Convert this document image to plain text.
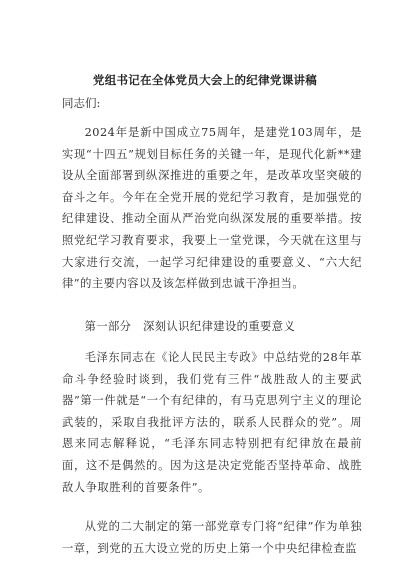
党组书记在全体党员大会上的纪律党课讲稿
同志们:
2024年是新中国成立75周年，是建党103周年，是实现“十四五”规划目标任务的关键一年，是现代化新**建设从全面部署到纵深推进的重要之年，是改革攻坚突破的奋斗之年。今年在全党开展的党纪学习教育，是加强党的纪律建设、推动全面从严治党向纵深发展的重要举措。按照党纪学习教育要求，我要上一堂党课，今天就在这里与大家进行交流，一起学习纪律建设的重要意义、“六大纪律”的主要内容以及该怎样做到忠诚干净担当。
第一部分　深刻认识纪律建设的重要意义
毛泽东同志在《论人民民主专政》中总结党的28年革命斗争经验时谈到，我们党有三件“战胜敌人的主要武器”第一件就是“一个有纪律的，有马克思列宁主义的理论武装的，采取自我批评方法的，联系人民群众的党”。周恩来同志解释说，“毛泽东同志特别把有纪律放在最前面，这不是偶然的。因为这是决定党能否坚持革命、战胜敌人争取胜利的首要条件”。
从党的二大制定的第一部党章专门将“纪律”作为单独一章，到党的五大设立党的历史上第一个中央纪律检查监
